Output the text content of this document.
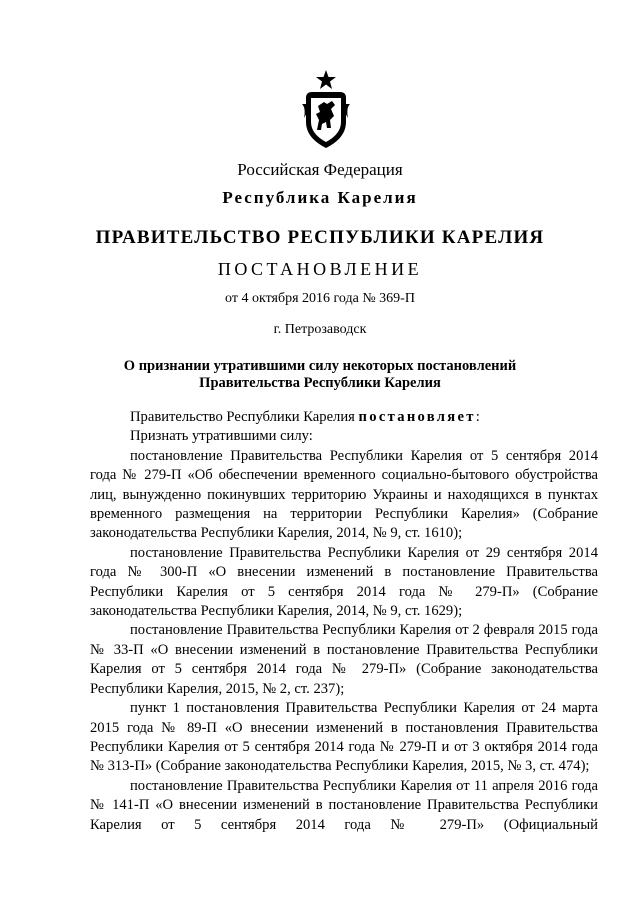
Российская Федерация
Республика Карелия
ПРАВИТЕЛЬСТВО РЕСПУБЛИКИ КАРЕЛИЯ
ПОСТАНОВЛЕНИЕ
от 4 октября 2016 года № 369-П
г. Петрозаводск
О признании утратившими силу некоторых постановлений
Правительства Республики Карелия

Правительство Республики Карелия постановляет:

Признать утратившими силу:

постановление Правительства Республики Карелия от 5 сентября 2014 года № 279-П «Об обеспечении временного социально-бытового обустройства лиц, вынужденно покинувших территорию Украины и находящихся в пунктах временного размещения на территории Республики Карелия» (Собрание законодательства Республики Карелия, 2014, № 9, ст. 1610);

постановление Правительства Республики Карелия от 29 сентября 2014 года № 300-П «О внесении изменений в постановление Правительства Республики Карелия от 5 сентября 2014 года № 279-П» (Собрание законодательства Республики Карелия, 2014, № 9, ст. 1629);

постановление Правительства Республики Карелия от 2 февраля 2015 года № 33-П «О внесении изменений в постановление Правительства Республики Карелия от 5 сентября 2014 года № 279-П» (Собрание законодательства Республики Карелия, 2015, № 2, ст. 237);

пункт 1 постановления Правительства Республики Карелия от 24 марта 2015 года № 89-П «О внесении изменений в постановления Правительства Республики Карелия от 5 сентября 2014 года № 279-П и от 3 октября 2014 года № 313-П» (Собрание законодательства Республики Карелия, 2015, № 3, ст. 474);

постановление Правительства Республики Карелия от 11 апреля 2016 года № 141-П «О внесении изменений в постановление Правительства Республики Карелия от 5 сентября 2014 года № 279-П» (Официальный
